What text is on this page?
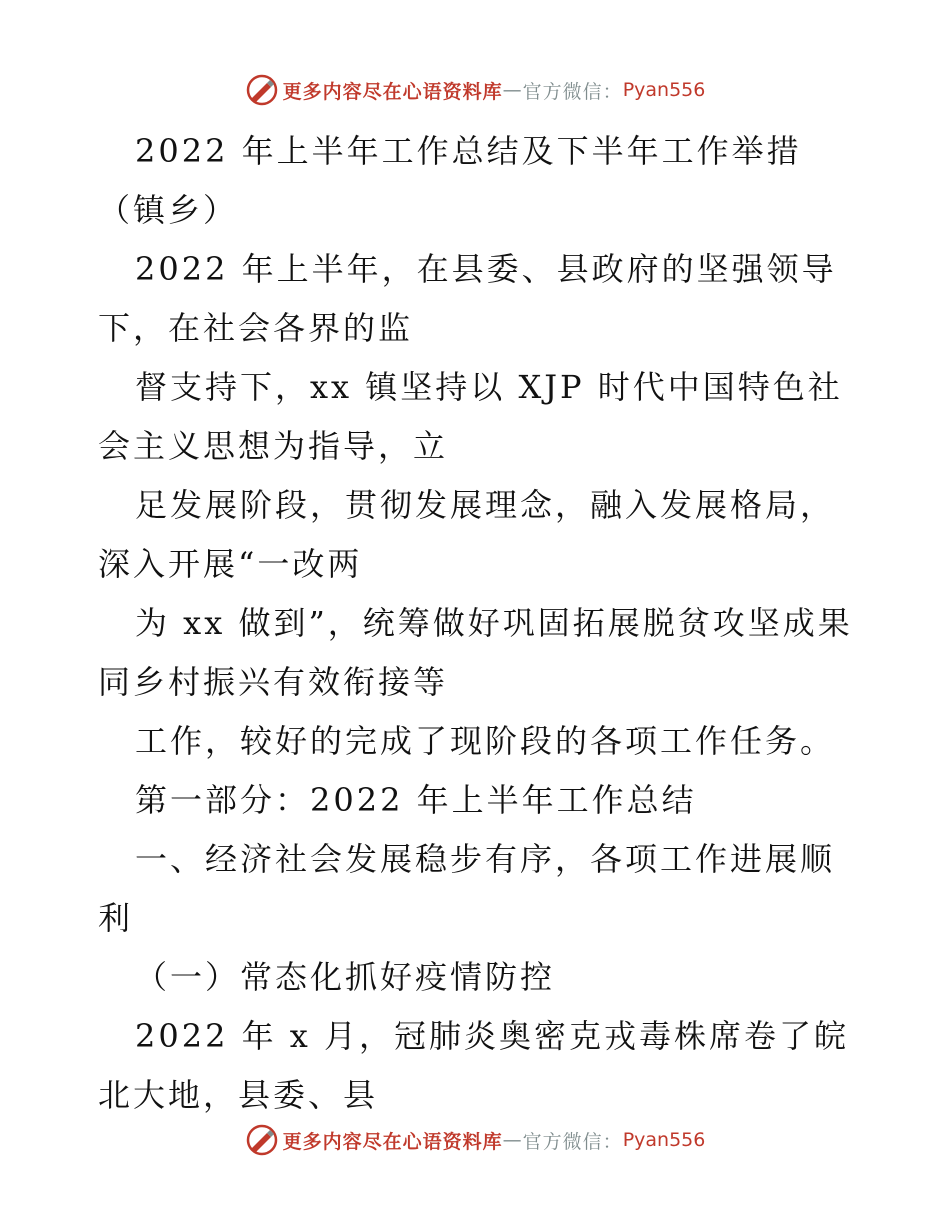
更多内容尽在心语资料库 — 官方微信： Pyan556

2022 年上半年工作总结及下半年工作举措（镇乡）

2022 年上半年，在县委、县政府的坚强领导下，在社会各界的监

督支持下，xx 镇坚持以 XJP 时代中国特色社会主义思想为指导，立

足发展阶段，贯彻发展理念，融入发展格局，深入开展“一改两

为 xx 做到”，统筹做好巩固拓展脱贫攻坚成果同乡村振兴有效衔接等

工作，较好的完成了现阶段的各项工作任务。

第一部分：2022 年上半年工作总结

一、经济社会发展稳步有序，各项工作进展顺利

（一）常态化抓好疫情防控

2022 年 x 月，冠肺炎奥密克戎毒株席卷了皖北大地，县委、县

更多内容尽在心语资料库 — 官方微信： Pyan556
